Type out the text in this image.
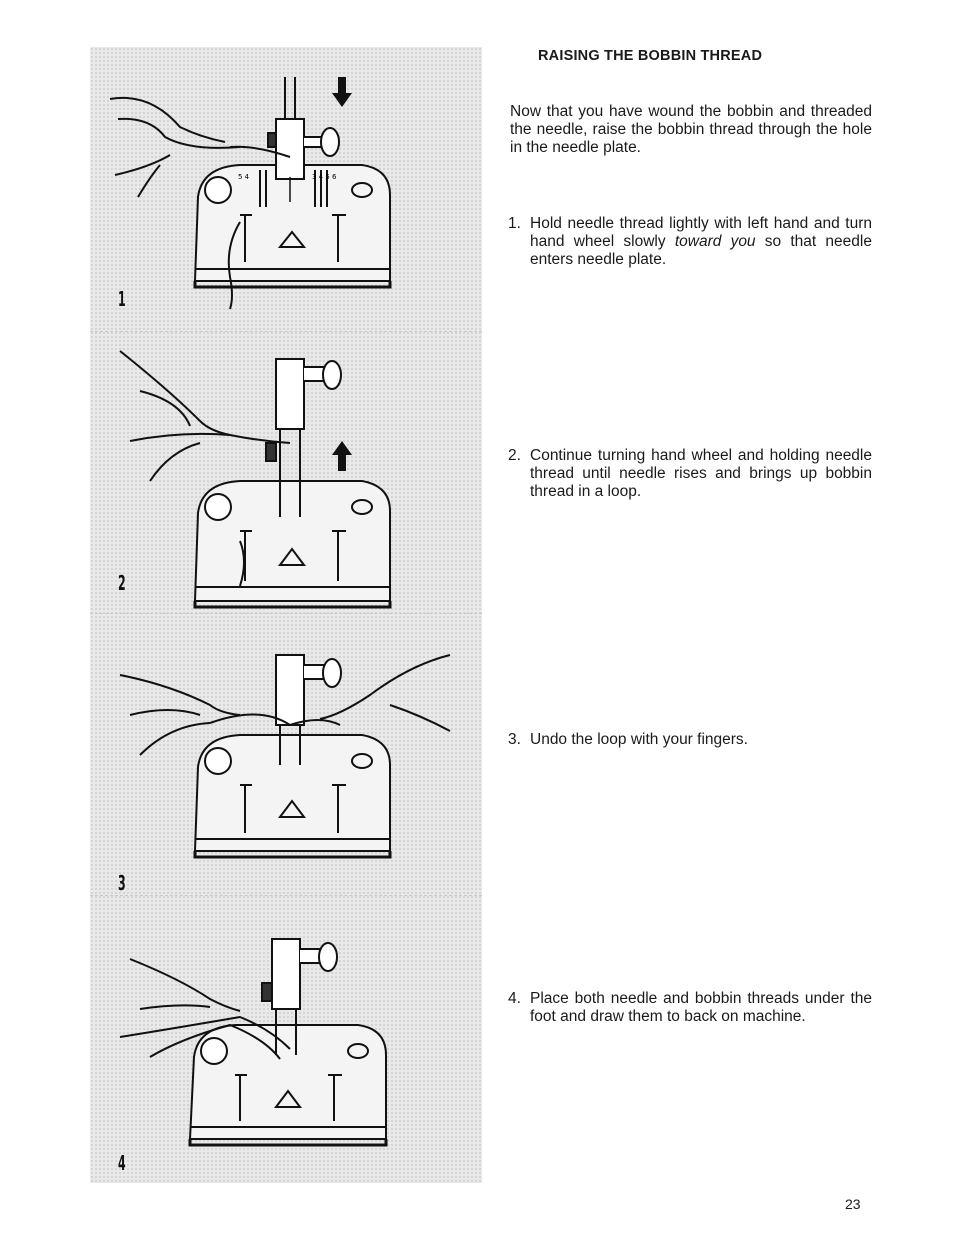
5 4	3 4 5 6
1
2
3
4
RAISING THE BOBBIN THREAD
Now that you have wound the bobbin and threaded the needle, raise the bobbin thread through the hole in the needle plate.
1. Hold needle thread lightly with left hand and turn hand wheel slowly toward you so that needle enters needle plate.
2. Continue turning hand wheel and holding needle thread until needle rises and brings up bobbin thread in a loop.
3. Undo the loop with your fingers.
4. Place both needle and bobbin threads under the foot and draw them to back on machine.
23
